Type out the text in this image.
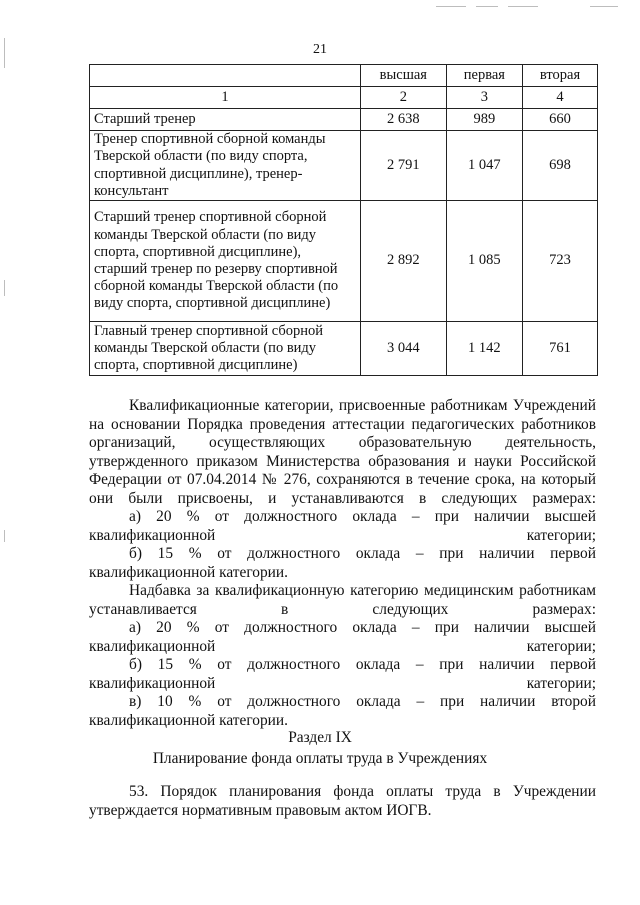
21
	высшая	первая	вторая
1	2	3	4
Старший тренер	2 638	989	660
Тренер спортивной сборной команды Тверской области (по виду спорта, спортивной дисциплине), тренер-консультант	2 791	1 047	698
Старший тренер спортивной сборной команды Тверской области (по виду спорта, спортивной дисциплине), старший тренер по резерву спортивной сборной команды Тверской области (по виду спорта, спортивной дисциплине)	2 892	1 085	723
Главный тренер спортивной сборной команды Тверской области (по виду спорта, спортивной дисциплине)	3 044	1 142	761

Квалификационные категории, присвоенные работникам Учреждений на основании Порядка проведения аттестации педагогических работников организаций, осуществляющих образовательную деятельность, утвержденного приказом Министерства образования и науки Российской Федерации от 07.04.2014 № 276, сохраняются в течение срока, на который они были присвоены, и устанавливаются в следующих размерах:

а) 20 % от должностного оклада – при наличии высшей квалификационной категории;

б) 15 % от должностного оклада – при наличии первой квалификационной категории.

Надбавка за квалификационную категорию медицинским работникам устанавливается в следующих размерах:

а) 20 % от должностного оклада – при наличии высшей квалификационной категории;

б) 15 % от должностного оклада – при наличии первой квалификационной категории;

в) 10 % от должностного оклада – при наличии второй квалификационной категории.

Раздел IX
Планирование фонда оплаты труда в Учреждениях

53. Порядок планирования фонда оплаты труда в Учреждении утверждается нормативным правовым актом ИОГВ.
